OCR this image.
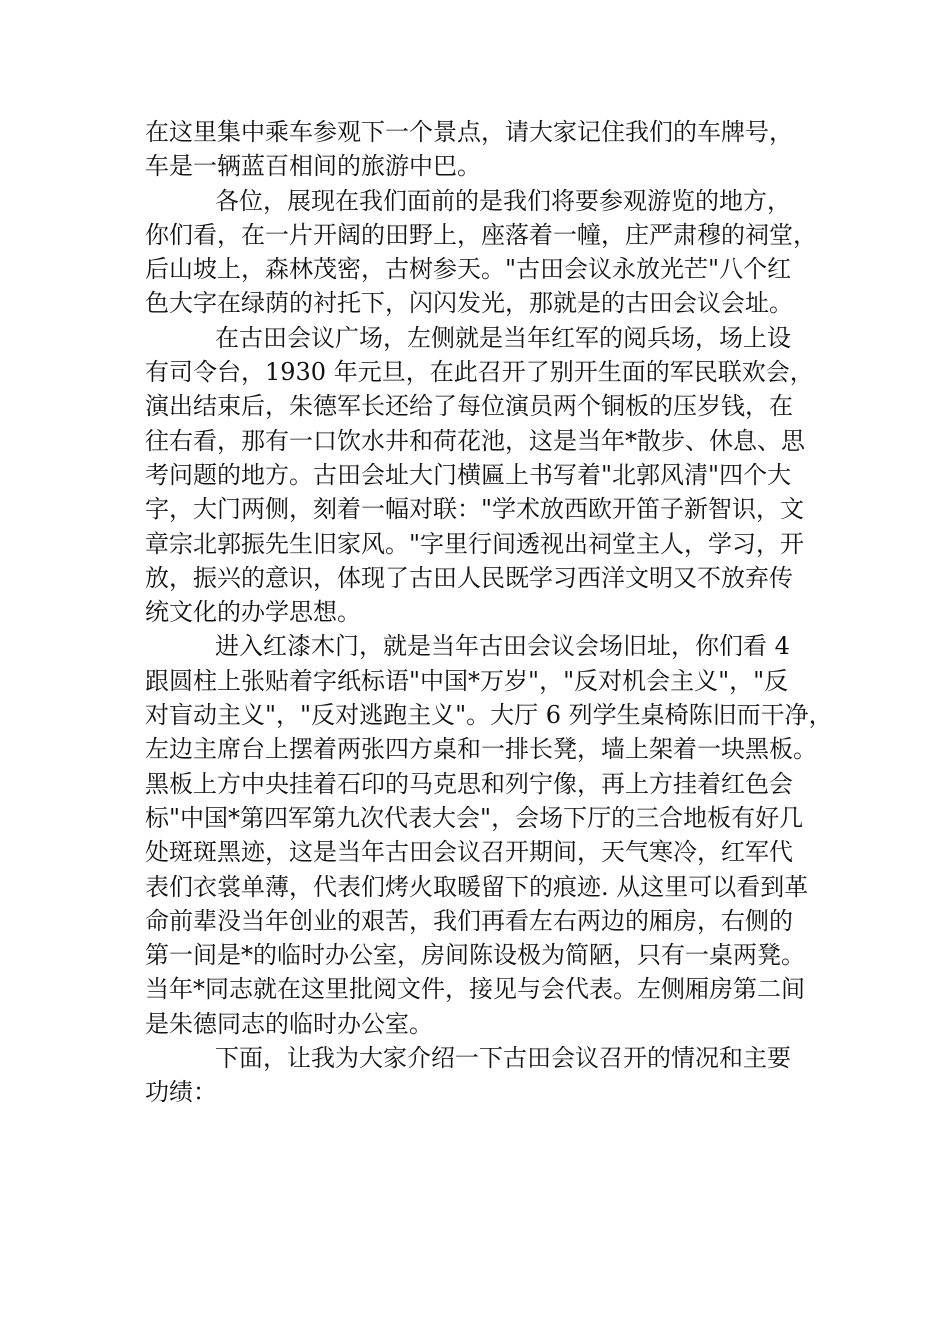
在这里集中乘车参观下一个景点，请大家记住我们的车牌号，
车是一辆蓝百相间的旅游中巴。
各位，展现在我们面前的是我们将要参观游览的地方，
你们看，在一片开阔的田野上，座落着一幢，庄严肃穆的祠堂，
后山坡上，森林茂密，古树参天。"古田会议永放光芒"八个红
色大字在绿荫的衬托下，闪闪发光，那就是的古田会议会址。
在古田会议广场，左侧就是当年红军的阅兵场，场上设
有司令台，1930 年元旦，在此召开了别开生面的军民联欢会，
演出结束后，朱德军长还给了每位演员两个铜板的压岁钱，在
往右看，那有一口饮水井和荷花池，这是当年*散步、休息、思
考问题的地方。古田会址大门横匾上书写着"北郭风清"四个大
字，大门两侧，刻着一幅对联："学术放西欧开笛子新智识，文
章宗北郭振先生旧家风。"字里行间透视出祠堂主人，学习，开
放，振兴的意识，体现了古田人民既学习西洋文明又不放弃传
统文化的办学思想。
进入红漆木门，就是当年古田会议会场旧址，你们看 4
跟圆柱上张贴着字纸标语"中国*万岁"，"反对机会主义"，"反
对盲动主义"，"反对逃跑主义"。大厅 6 列学生桌椅陈旧而干净，
左边主席台上摆着两张四方桌和一排长凳，墙上架着一块黑板。
黑板上方中央挂着石印的马克思和列宁像，再上方挂着红色会
标"中国*第四军第九次代表大会"，会场下厅的三合地板有好几
处斑斑黑迹，这是当年古田会议召开期间，天气寒冷，红军代
表们衣裳单薄，代表们烤火取暖留下的痕迹. 从这里可以看到革
命前辈没当年创业的艰苦，我们再看左右两边的厢房，右侧的
第一间是*的临时办公室，房间陈设极为简陋，只有一桌两凳。
当年*同志就在这里批阅文件，接见与会代表。左侧厢房第二间
是朱德同志的临时办公室。
下面，让我为大家介绍一下古田会议召开的情况和主要
功绩：
